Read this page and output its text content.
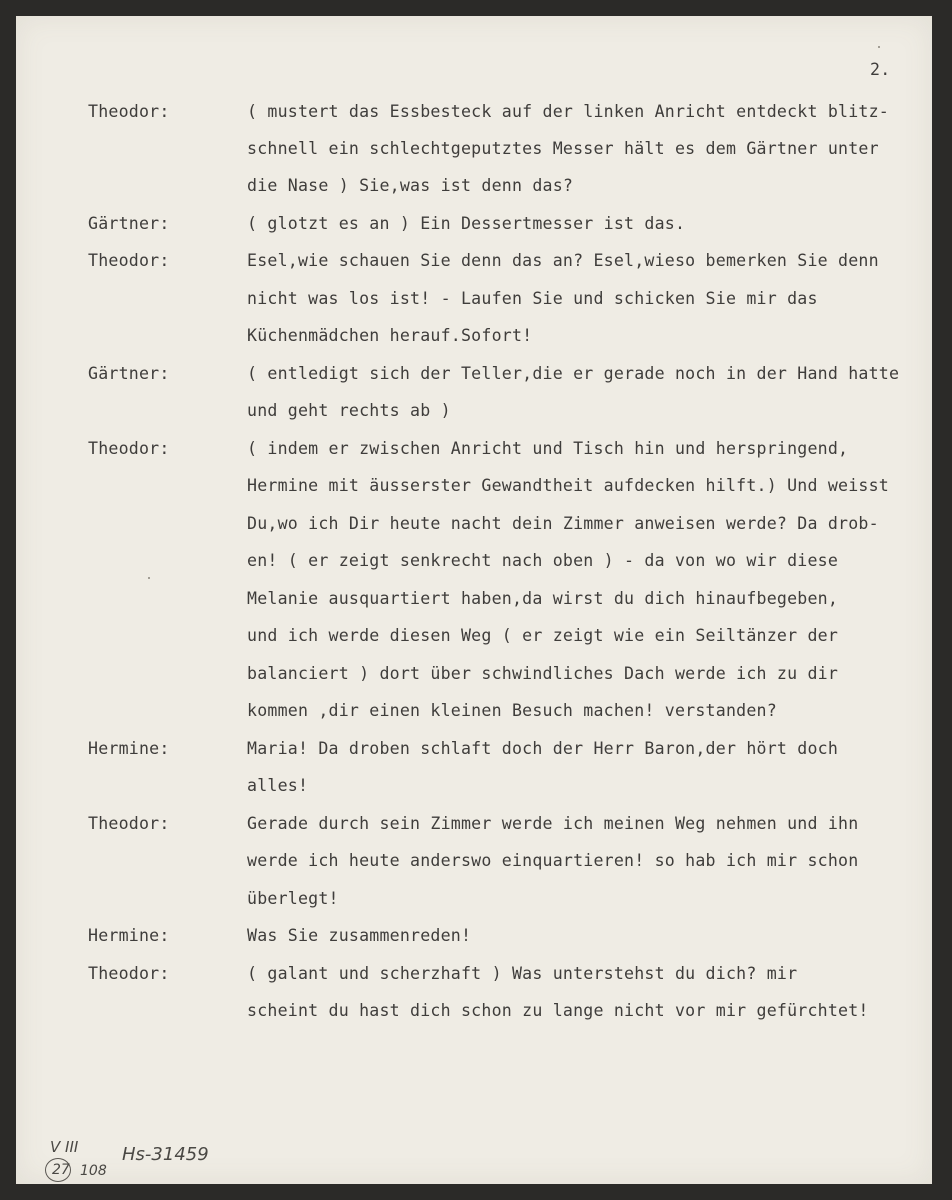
2.
Theodor:	( mustert das Essbesteck auf der linken Anricht entdeckt blitz-
schnell ein schlechtgeputztes Messer hält es dem Gärtner unter
die Nase ) Sie,was ist denn das?
Gärtner:	( glotzt es an ) Ein Dessertmesser ist das.
Theodor:	Esel,wie schauen Sie denn das an? Esel,wieso bemerken Sie denn
nicht was los ist! - Laufen Sie und schicken Sie mir das
Küchenmädchen herauf.Sofort!
Gärtner:	( entledigt sich der Teller,die er gerade noch in der Hand hatte
und geht rechts ab )
Theodor:	( indem er zwischen Anricht und Tisch hin und herspringend,
Hermine mit äusserster Gewandtheit aufdecken hilft.) Und weisst
Du,wo ich Dir heute nacht dein Zimmer anweisen werde? Da drob-
en! ( er zeigt senkrecht nach oben ) - da von wo wir diese
Melanie ausquartiert haben,da wirst du dich hinaufbegeben,
und ich werde diesen Weg ( er zeigt wie ein Seiltänzer der
balanciert ) dort über schwindliches Dach werde ich zu dir
kommen ,dir einen kleinen Besuch machen! verstanden?
Hermine:	Maria! Da droben schlaft doch der Herr Baron,der hört doch
alles!
Theodor:	Gerade durch sein Zimmer werde ich meinen Weg nehmen und ihn
werde ich heute anderswo einquartieren! so hab ich mir schon
überlegt!
Hermine:	Was Sie zusammenreden!
Theodor:	( galant und scherzhaft ) Was unterstehst du dich? mir
scheint du hast dich schon zu lange nicht vor mir gefürchtet!
V III
27 108
Hs-31459
